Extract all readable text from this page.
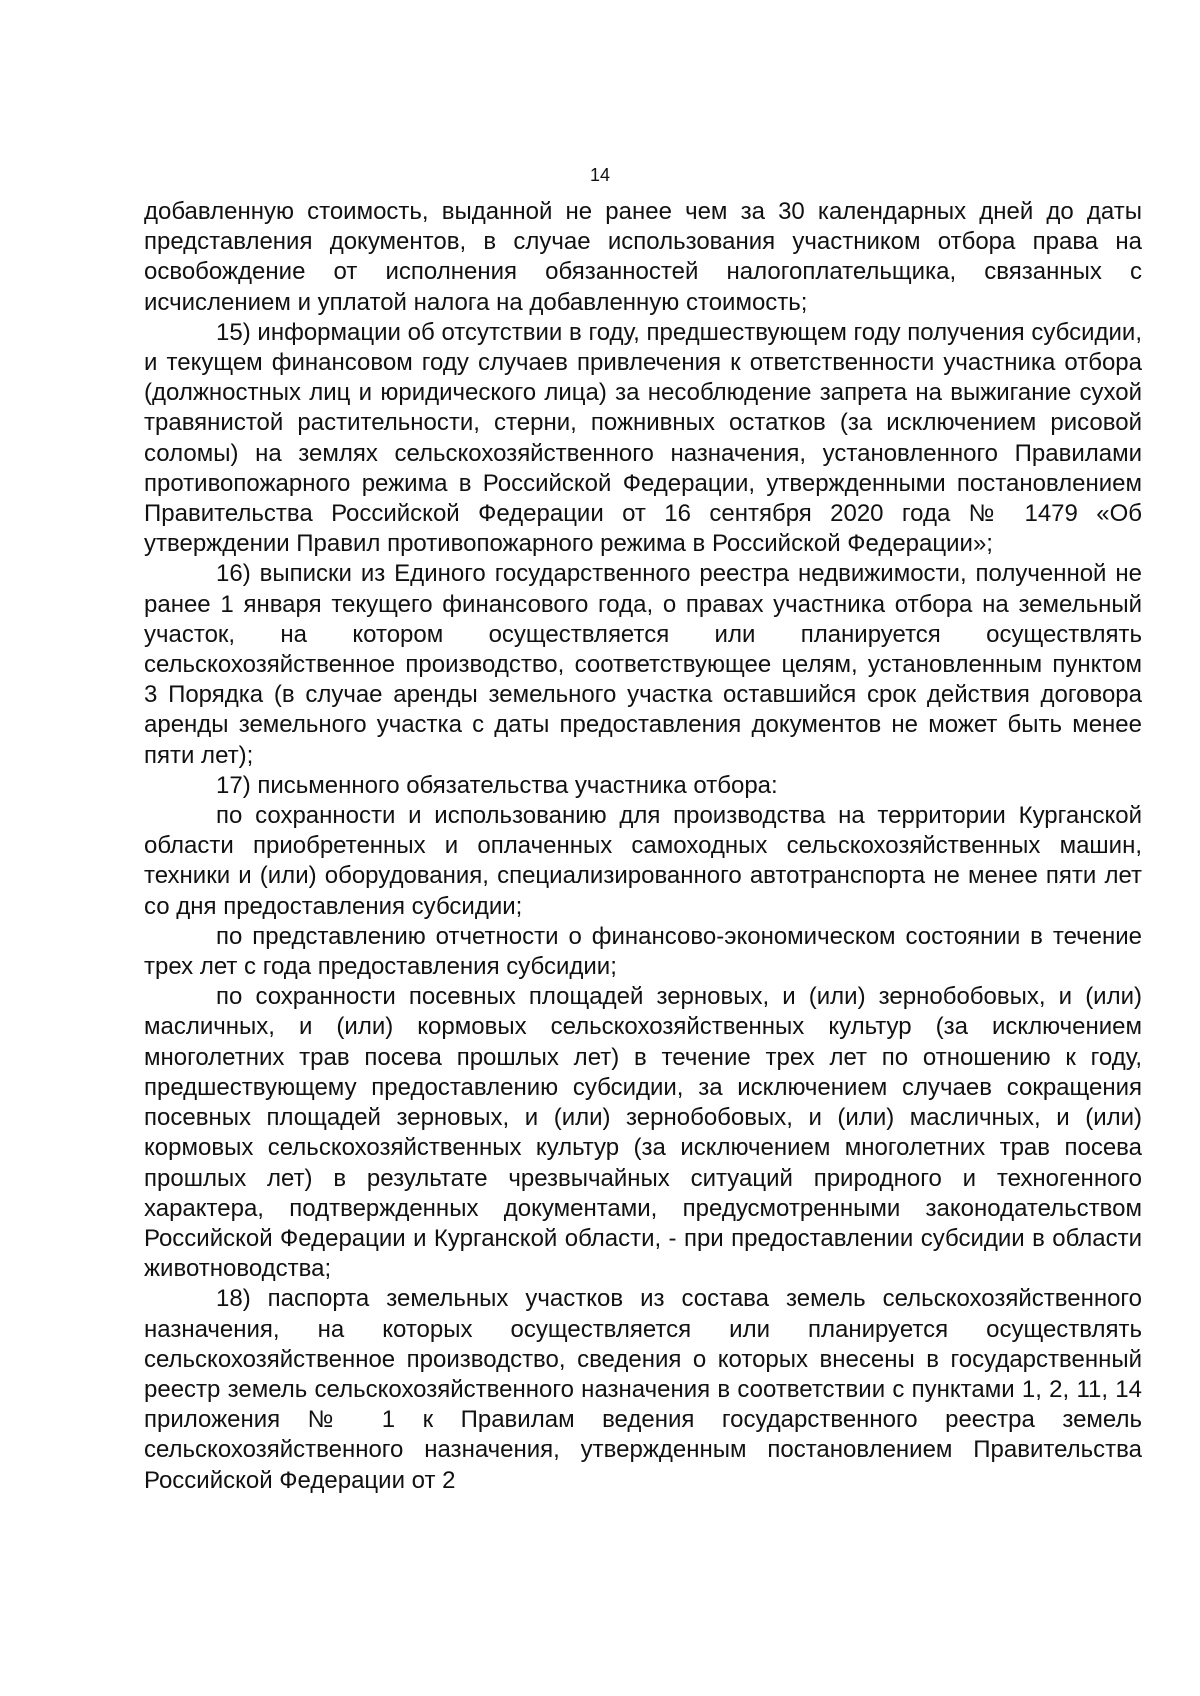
14

добавленную стоимость, выданной не ранее чем за 30 календарных дней до даты представления документов, в случае использования участником отбора права на освобождение от исполнения обязанностей налогоплательщика, связанных с исчислением и уплатой налога на добавленную стоимость;

15) информации об отсутствии в году, предшествующем году получения субсидии, и текущем финансовом году случаев привлечения к ответственности участника отбора (должностных лиц и юридического лица) за несоблюдение запрета на выжигание сухой травянистой растительности, стерни, пожнивных остатков (за исключением рисовой соломы) на землях сельскохозяйственного назначения, установленного Правилами противопожарного режима в Российской Федерации, утвержденными постановлением Правительства Российской Федерации от 16 сентября 2020 года № 1479 «Об утверждении Правил противопожарного режима в Российской Федерации»;

16) выписки из Единого государственного реестра недвижимости, полученной не ранее 1 января текущего финансового года, о правах участника отбора на земельный участок, на котором осуществляется или планируется осуществлять сельскохозяйственное производство, соответствующее целям, установленным пунктом 3 Порядка (в случае аренды земельного участка оставшийся срок действия договора аренды земельного участка с даты предоставления документов не может быть менее пяти лет);

17) письменного обязательства участника отбора:

по сохранности и использованию для производства на территории Курганской области приобретенных и оплаченных самоходных сельскохозяйственных машин, техники и (или) оборудования, специализированного автотранспорта не менее пяти лет со дня предоставления субсидии;

по представлению отчетности о финансово-экономическом состоянии в течение трех лет с года предоставления субсидии;

по сохранности посевных площадей зерновых, и (или) зернобобовых, и (или) масличных, и (или) кормовых сельскохозяйственных культур (за исключением многолетних трав посева прошлых лет) в течение трех лет по отношению к году, предшествующему предоставлению субсидии, за исключением случаев сокращения посевных площадей зерновых, и (или) зернобобовых, и (или) масличных, и (или) кормовых сельскохозяйственных культур (за исключением многолетних трав посева прошлых лет) в результате чрезвычайных ситуаций природного и техногенного характера, подтвержденных документами, предусмотренными законодательством Российской Федерации и Курганской области, - при предоставлении субсидии в области животноводства;

18) паспорта земельных участков из состава земель сельскохозяйственного назначения, на которых осуществляется или планируется осуществлять сельскохозяйственное производство, сведения о которых внесены в государственный реестр земель сельскохозяйственного назначения в соответствии с пунктами 1, 2, 11, 14 приложения № 1 к Правилам ведения государственного реестра земель сельскохозяйственного назначения, утвержденным постановлением Правительства Российской Федерации от 2
